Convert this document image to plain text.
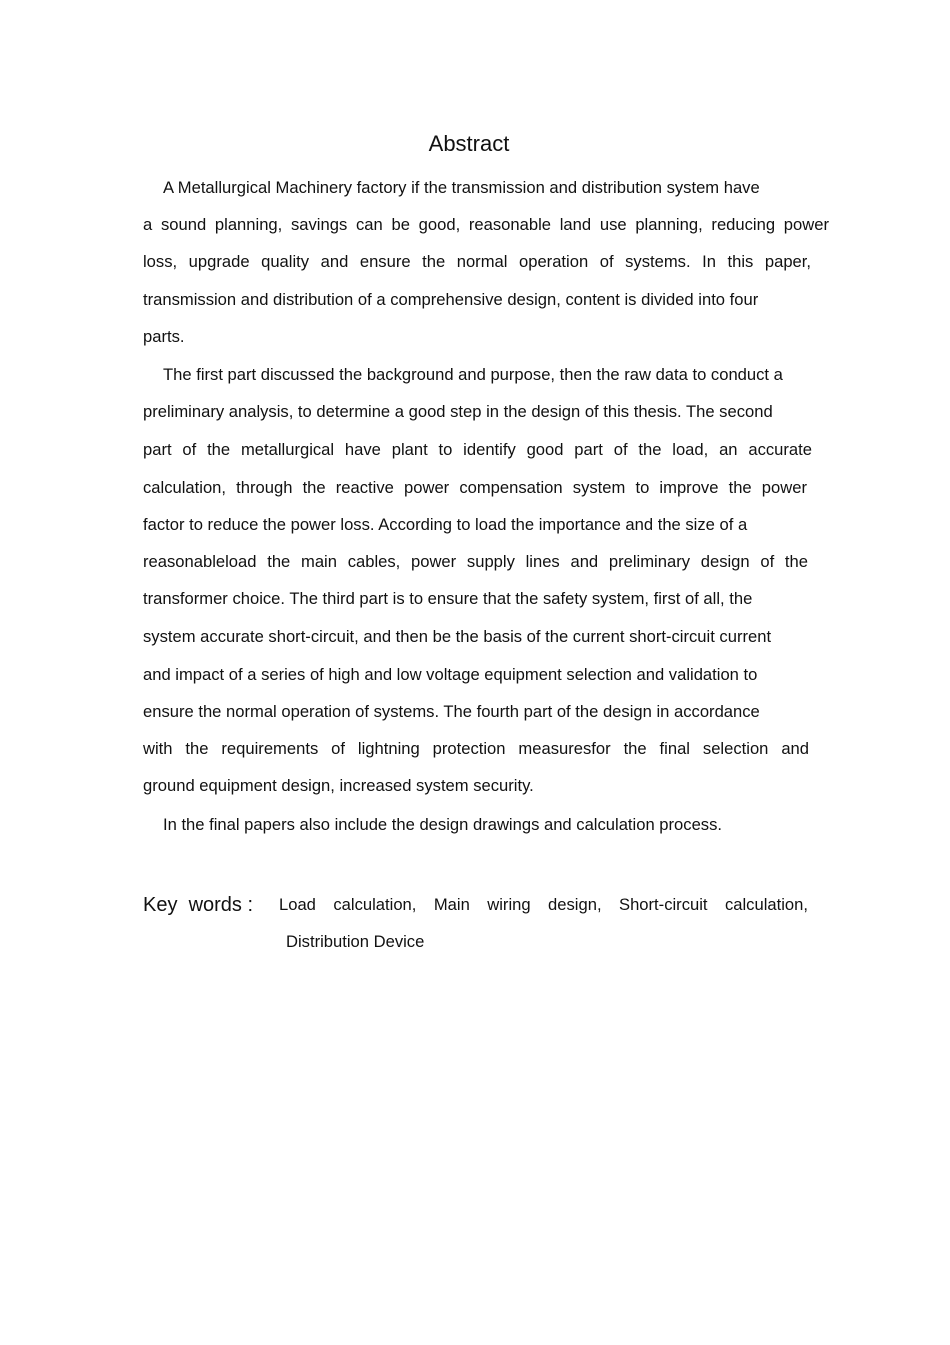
Abstract
A Metallurgical Machinery factory if the transmission and distribution system have
a sound planning, savings can be good, reasonable land use planning, reducing power
loss, upgrade quality and ensure the normal operation of systems. In this paper,
transmission and distribution of a comprehensive design, content is divided into four
parts.
The first part discussed the background and purpose, then the raw data to conduct a
preliminary analysis, to determine a good step in the design of this thesis. The second
part of the metallurgical have plant to identify good part of the load, an accurate
calculation, through the reactive power compensation system to improve the power
factor to reduce the power loss. According to load the importance and the size of a
reasonableload the main cables, power supply lines and preliminary design of the
transformer choice. The third part is to ensure that the safety system, first of all, the
system accurate short-circuit, and then be the basis of the current short-circuit current
and impact of a series of high and low voltage equipment selection and validation to
ensure the normal operation of systems. The fourth part of the design in accordance
with the requirements of lightning protection measuresfor the final selection and
ground equipment design, increased system security.
In the final papers also include the design drawings and calculation process.
Key  words : Load calculation, Main wiring design, Short-circuit calculation,
Distribution Device
